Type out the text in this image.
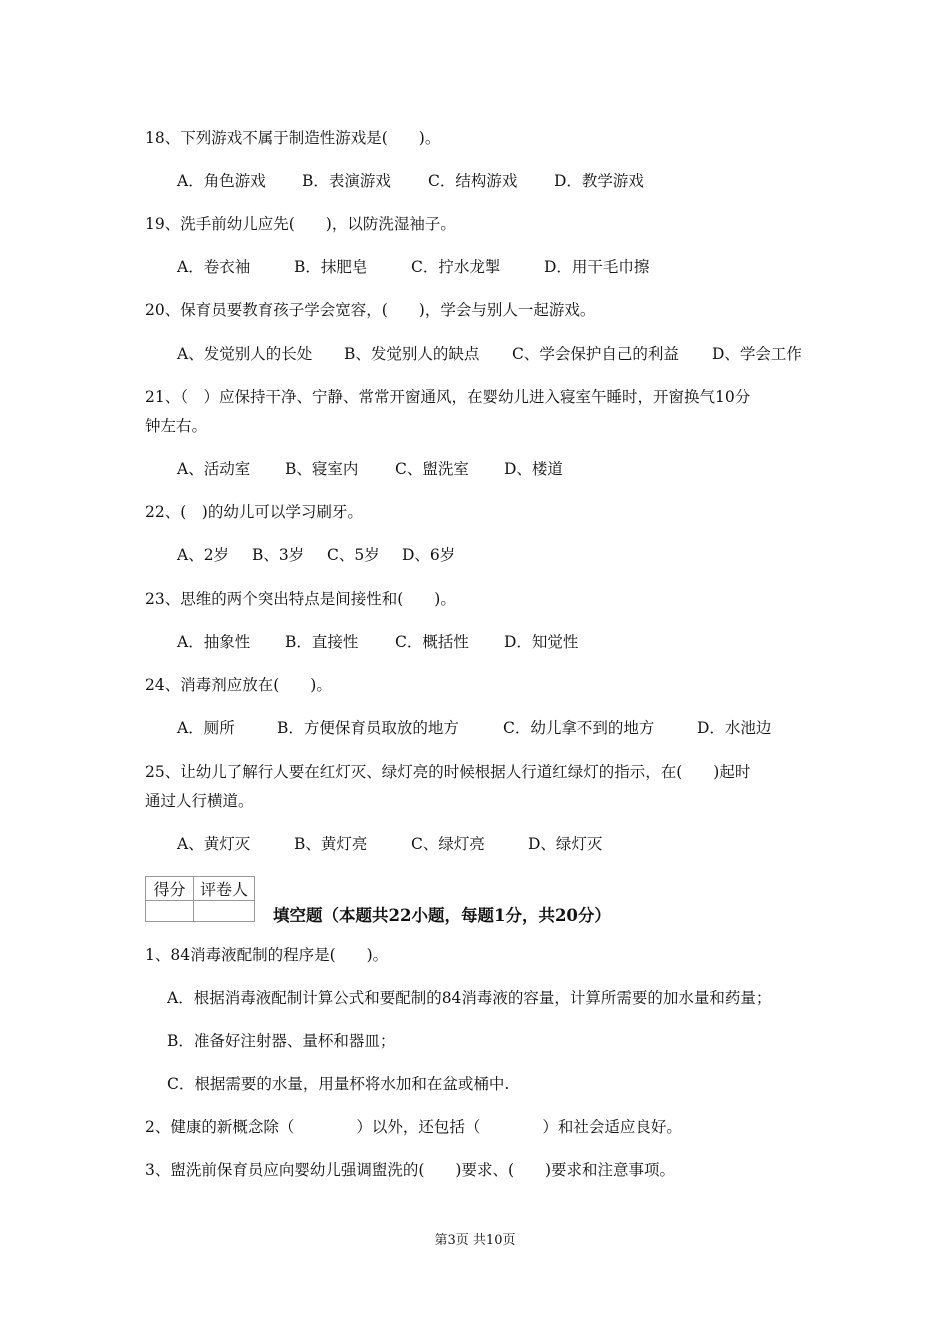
18、下列游戏不属于制造性游戏是(　　)。

A．角色游戏

B．表演游戏

C．结构游戏

D．教学游戏

19、洗手前幼儿应先(　　)，以防洗湿袖子。

A．卷衣袖

	B．抹肥皂

	C．拧水龙掣

	D．用干毛巾擦

20、保育员要教育孩子学会宽容，(　　)，学会与别人一起游戏。

A、发觉别人的长处

B、发觉别人的缺点

C、学会保护自己的利益

D、学会工作

21、（　）应保持干净、宁静、常常开窗通风，在婴幼儿进入寝室午睡时，开窗换气10分
钟左右。

A、活动室

B、寝室内

C、盥洗室

D、楼道

22、(　)的幼儿可以学习刷牙。

A、2岁

B、3岁

C、5岁

D、6岁

23、思维的两个突出特点是间接性和(　　)。

A．抽象性

B．直接性

C．概括性

D．知觉性

24、消毒剂应放在(　　)。

A．厕所

	B．方便保育员取放的地方

	C．幼儿拿不到的地方

	D．水池边

25、让幼儿了解行人要在红灯灭、绿灯亮的时候根据人行道红绿灯的指示，在(　　)起时
通过人行横道。

A、黄灯灭

	B、黄灯亮

	C、绿灯亮

	D、绿灯灭

得分	评卷人

填空题（本题共22小题，每题1分，共20分）
1、84消毒液配制的程序是(　　)。
A．根据消毒液配制计算公式和要配制的84消毒液的容量，计算所需要的加水量和药量；
B．准备好注射器、量杯和器皿；
C．根据需要的水量，用量杯将水加和在盆或桶中.
2、健康的新概念除（　　　　）以外，还包括（　　　　）和社会适应良好。
3、盥洗前保育员应向婴幼儿强调盥洗的(　　)要求、(　　)要求和注意事项。
第3页 共10页
